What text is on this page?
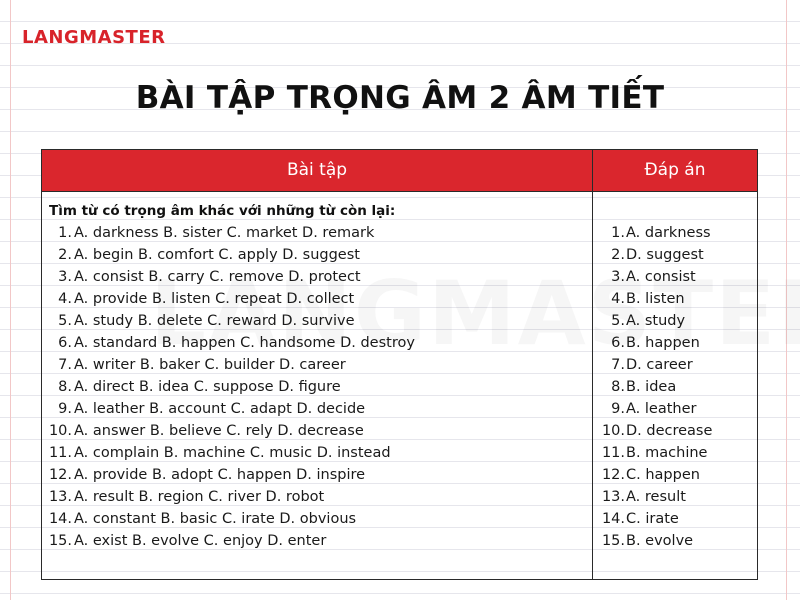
LANGMASTER
BÀI TẬP TRỌNG ÂM 2 ÂM TIẾT
Bài tập	Đáp án
Tìm từ có trọng âm khác với những từ còn lại:
1. A. darkness B. sister C. market D. remark
2. A. begin B. comfort C. apply D. suggest
3. A. consist B. carry C. remove D. protect
4. A. provide B. listen C. repeat D. collect
5. A. study B. delete C. reward D. survive
6. A. standard B. happen C. handsome D. destroy
7. A. writer B. baker C. builder D. career
8. A. direct B. idea C. suppose D. figure
9. A. leather B. account C. adapt D. decide
10. A. answer B. believe C. rely D. decrease
11. A. complain B. machine C. music D. instead
12. A. provide B. adopt C. happen D. inspire
13. A. result B. region C. river D. robot
14. A. constant B. basic C. irate D. obvious
15. A. exist B. evolve C. enjoy D. enter
1. A. darkness
2. D. suggest
3. A. consist
4. B. listen
5. A. study
6. B. happen
7. D. career
8. B. idea
9. A. leather
10. D. decrease
11. B. machine
12. C. happen
13. A. result
14. C. irate
15. B. evolve
